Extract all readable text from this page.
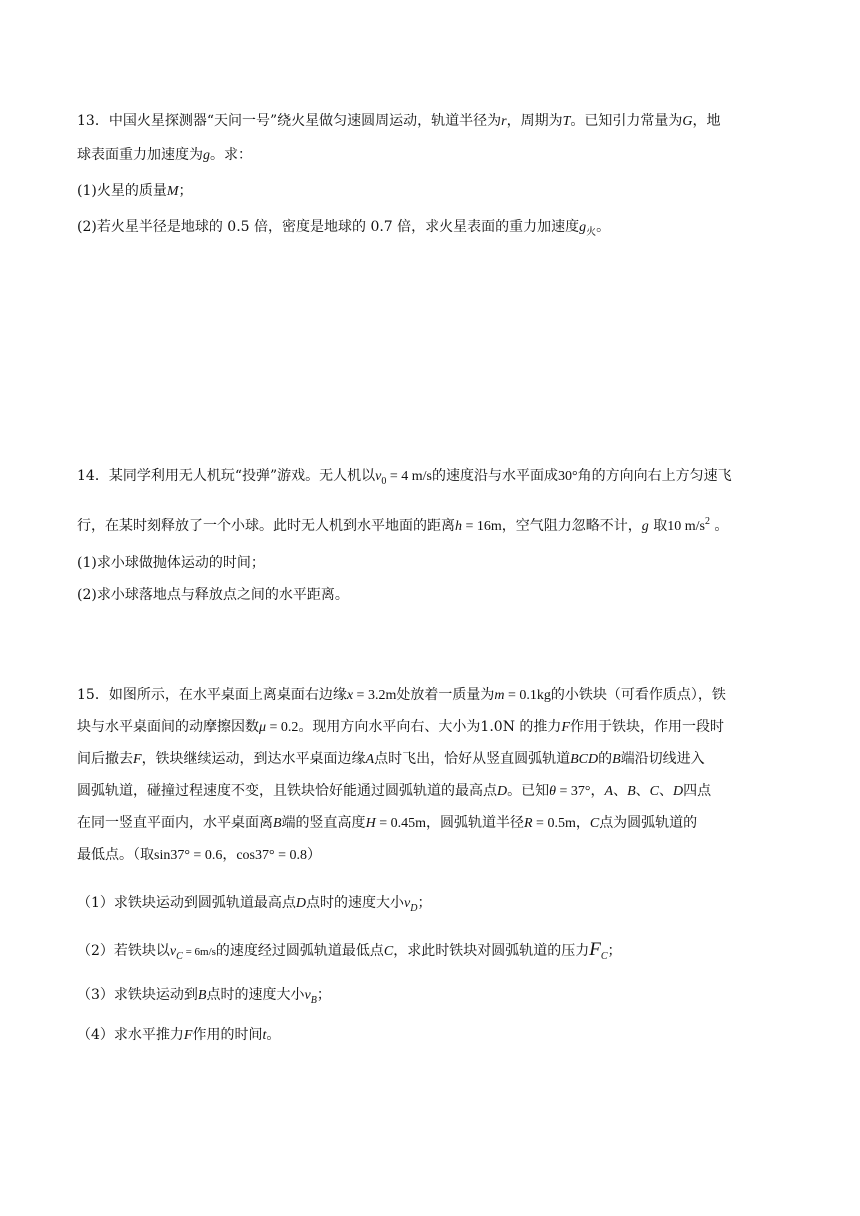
13．中国火星探测器“天问一号”绕火星做匀速圆周运动，轨道半径为r，周期为T。已知引力常量为G，地
球表面重力加速度为g。求：
(1)火星的质量M；
(2)若火星半径是地球的 0.5 倍，密度是地球的 0.7 倍，求火星表面的重力加速度$g_火$。
14．某同学利用无人机玩“投弹”游戏。无人机以$v_0 = 4$ m/s的速度沿与水平面成30°角的方向向右上方匀速飞
行，在某时刻释放了一个小球。此时无人机到水平地面的距离h = 16m，空气阻力忽略不计，g 取10 $m/s^2$ 。
(1)求小球做抛体运动的时间；
(2)求小球落地点与释放点之间的水平距离。
15．如图所示，在水平桌面上离桌面右边缘x = 3.2m处放着一质量为m = 0.1kg的小铁块（可看作质点），铁
块与水平桌面间的动摩擦因数μ = 0.2。现用方向水平向右、大小为1.0N 的推力F作用于铁块，作用一段时
间后撤去F，铁块继续运动，到达水平桌面边缘A点时飞出，恰好从竖直圆弧轨道BCD的B端沿切线进入
圆弧轨道，碰撞过程速度不变，且铁块恰好能通过圆弧轨道的最高点D。已知θ = 37°，A、B、C、D四点
在同一竖直平面内，水平桌面离B端的竖直高度H = 0.45m，圆弧轨道半径R = 0.5m，C点为圆弧轨道的
最低点。（取sin37° = 0.6，cos37° = 0.8）
（1）求铁块运动到圆弧轨道最高点D点时的速度大小$v_D$；
（2）若铁块以$v_C = 6m/s$的速度经过圆弧轨道最低点C，求此时铁块对圆弧轨道的压力$F_C$；
（3）求铁块运动到B点时的速度大小$v_B$；
（4）求水平推力F作用的时间t。
